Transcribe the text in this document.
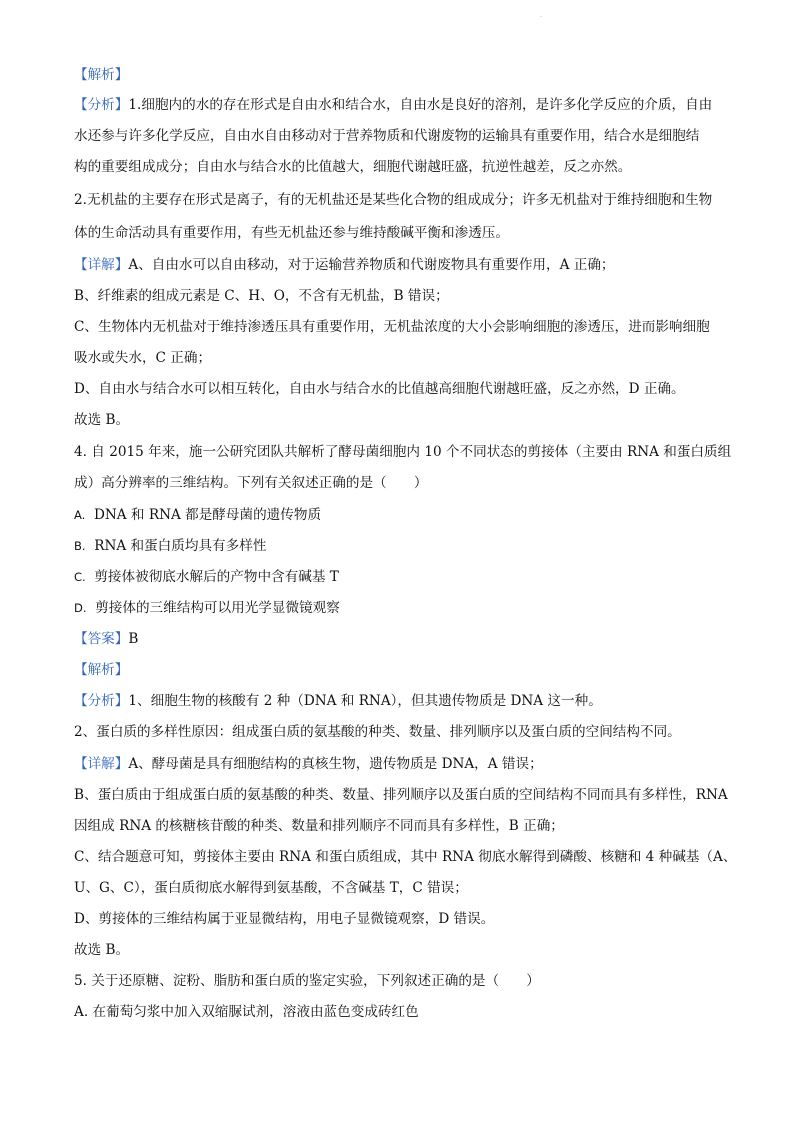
·
【解析】
【分析】1.细胞内的水的存在形式是自由水和结合水，自由水是良好的溶剂，是许多化学反应的介质，自由
水还参与许多化学反应，自由水自由移动对于营养物质和代谢废物的运输具有重要作用，结合水是细胞结
构的重要组成成分；自由水与结合水的比值越大，细胞代谢越旺盛，抗逆性越差，反之亦然。
2.无机盐的主要存在形式是离子，有的无机盐还是某些化合物的组成成分；许多无机盐对于维持细胞和生物
体的生命活动具有重要作用，有些无机盐还参与维持酸碱平衡和渗透压。
【详解】A、自由水可以自由移动，对于运输营养物质和代谢废物具有重要作用，A 正确；
B、纤维素的组成元素是 C、H、O，不含有无机盐，B 错误；
C、生物体内无机盐对于维持渗透压具有重要作用，无机盐浓度的大小会影响细胞的渗透压，进而影响细胞
吸水或失水，C 正确；
D、自由水与结合水可以相互转化，自由水与结合水的比值越高细胞代谢越旺盛，反之亦然，D 正确。
故选 B。
4. 自 2015 年来，施一公研究团队共解析了酵母菌细胞内 10 个不同状态的剪接体（主要由 RNA 和蛋白质组
成）高分辨率的三维结构。下列有关叙述正确的是（　　）
A. DNA 和 RNA 都是酵母菌的遗传物质
B. RNA 和蛋白质均具有多样性
C. 剪接体被彻底水解后的产物中含有碱基 T
D. 剪接体的三维结构可以用光学显微镜观察
【答案】B
【解析】
【分析】1、细胞生物的核酸有 2 种（DNA 和 RNA），但其遗传物质是 DNA 这一种。
2、蛋白质的多样性原因：组成蛋白质的氨基酸的种类、数量、排列顺序以及蛋白质的空间结构不同。
【详解】A、酵母菌是具有细胞结构的真核生物，遗传物质是 DNA，A 错误；
B、蛋白质由于组成蛋白质的氨基酸的种类、数量、排列顺序以及蛋白质的空间结构不同而具有多样性，RNA
因组成 RNA 的核糖核苷酸的种类、数量和排列顺序不同而具有多样性，B 正确；
C、结合题意可知，剪接体主要由 RNA 和蛋白质组成，其中 RNA 彻底水解得到磷酸、核糖和 4 种碱基（A、
U、G、C），蛋白质彻底水解得到氨基酸，不含碱基 T，C 错误；
D、剪接体的三维结构属于亚显微结构，用电子显微镜观察，D 错误。
故选 B。
5. 关于还原糖、淀粉、脂肪和蛋白质的鉴定实验，下列叙述正确的是（　　）
A. 在葡萄匀浆中加入双缩脲试剂，溶液由蓝色变成砖红色
